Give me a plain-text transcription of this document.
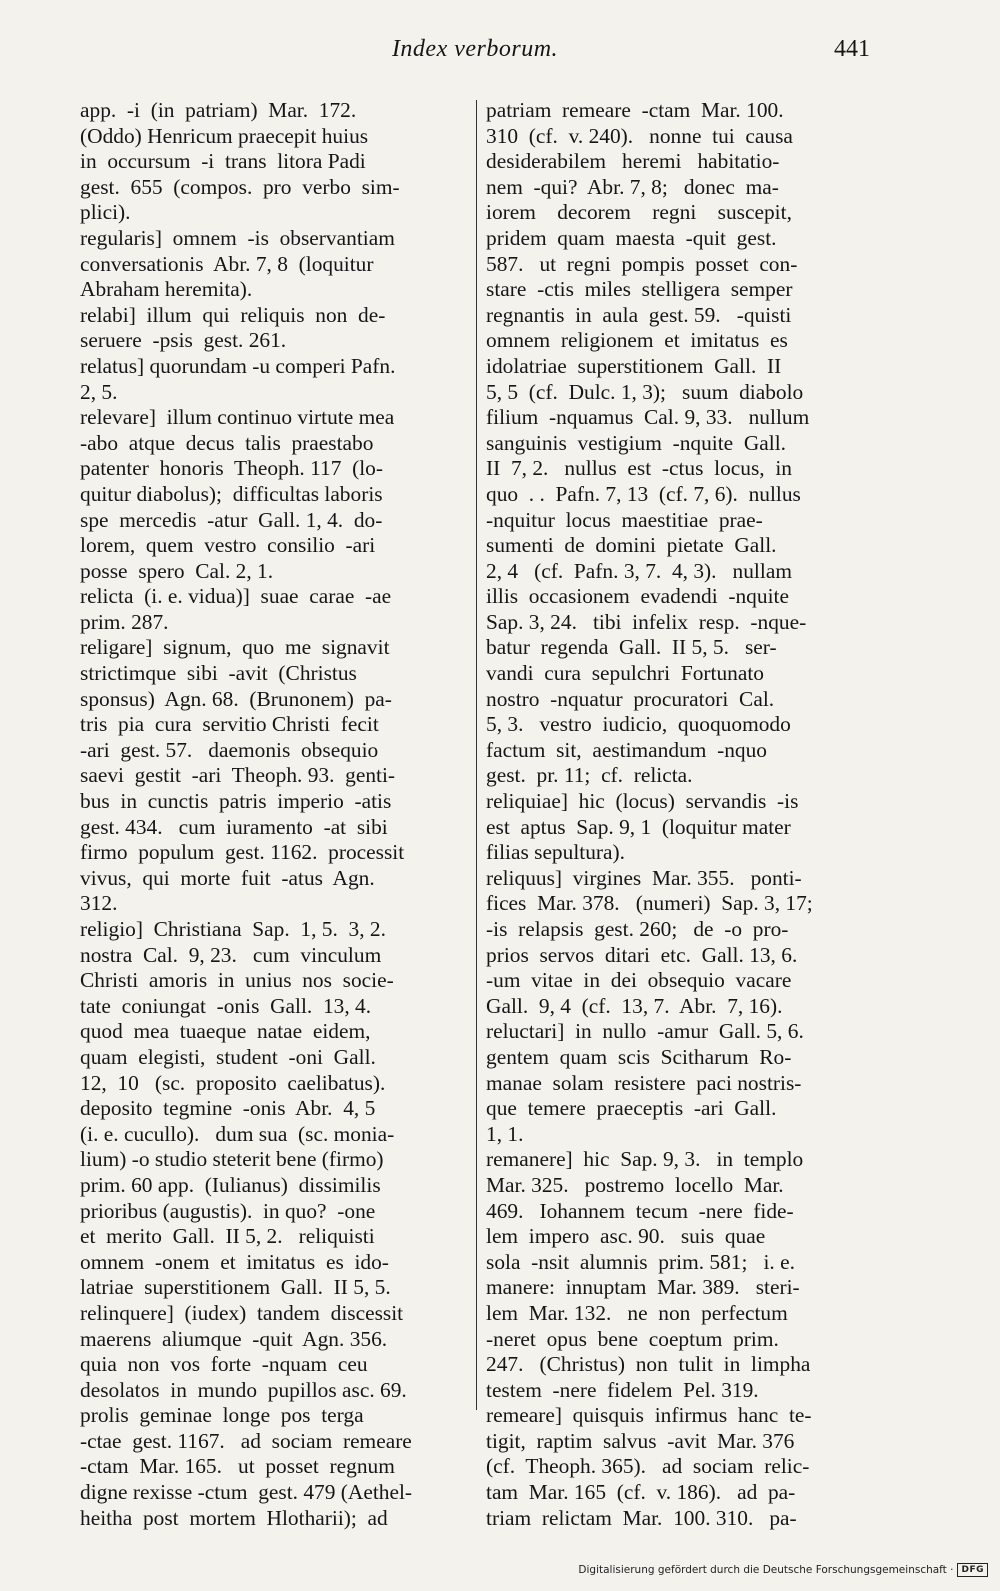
Index verborum.	441
app.  -i  (in  patriam)  Mar.  172.
(Oddo) Henricum praecepit huius
in  occursum  -i  trans  litora Padi
gest.  655  (compos.  pro  verbo  sim-
plici).
regularis]  omnem  -is  observantiam
conversationis  Abr. 7, 8  (loquitur
Abraham heremita).
relabi]  illum  qui  reliquis  non  de-
seruere  -psis  gest. 261.
relatus] quorundam -u comperi Pafn.
2, 5.
relevare]  illum continuo virtute mea
-abo  atque  decus  talis  praestabo
patenter  honoris  Theoph. 117  (lo-
quitur diabolus);  difficultas laboris
spe  mercedis  -atur  Gall. 1, 4.  do-
lorem,  quem  vestro  consilio  -ari
posse  spero  Cal. 2, 1.
relicta  (i. e. vidua)]  suae  carae  -ae
prim. 287.
religare]  signum,  quo  me  signavit
strictimque  sibi  -avit  (Christus
sponsus)  Agn. 68.  (Brunonem)  pa-
tris  pia  cura  servitio Christi  fecit
-ari  gest. 57.   daemonis  obsequio
saevi  gestit  -ari  Theoph. 93.  genti-
bus  in  cunctis  patris  imperio  -atis
gest. 434.   cum  iuramento  -at  sibi
firmo  populum  gest. 1162.  processit
vivus,  qui  morte  fuit  -atus  Agn.
312.
religio]  Christiana  Sap.  1, 5.  3, 2.
nostra  Cal.  9, 23.   cum  vinculum
Christi  amoris  in  unius  nos  socie-
tate  coniungat  -onis  Gall.  13, 4.
quod  mea  tuaeque  natae  eidem,
quam  elegisti,  student  -oni  Gall.
12,  10   (sc.  proposito  caelibatus).
deposito  tegmine  -onis  Abr.  4, 5
(i. e. cucullo).   dum sua  (sc. monia-
lium) -o studio steterit bene (firmo)
prim. 60 app.  (Iulianus)  dissimilis
prioribus (augustis).  in quo?  -one
et  merito  Gall.  II 5, 2.   reliquisti
omnem  -onem  et  imitatus  es  ido-
latriae  superstitionem  Gall.  II 5, 5.
relinquere]  (iudex)  tandem  discessit
maerens  aliumque  -quit  Agn. 356.
quia  non  vos  forte  -nquam  ceu
desolatos  in  mundo  pupillos asc. 69.
prolis  geminae  longe  pos  terga
-ctae  gest. 1167.   ad  sociam  remeare
-ctam  Mar. 165.   ut  posset  regnum
digne rexisse -ctum  gest. 479 (Aethel-
heitha  post  mortem  Hlotharii);  ad
patriam  remeare  -ctam  Mar. 100.
310  (cf.  v. 240).   nonne  tui  causa
desiderabilem   heremi   habitatio-
nem  -qui?  Abr. 7, 8;   donec  ma-
iorem    decorem    regni    suscepit,
pridem  quam  maesta  -quit  gest.
587.   ut  regni  pompis  posset  con-
stare  -ctis  miles  stelligera  semper
regnantis  in  aula  gest. 59.   -quisti
omnem  religionem  et  imitatus  es
idolatriae  superstitionem  Gall.  II
5, 5  (cf.  Dulc. 1, 3);   suum  diabolo
filium  -nquamus  Cal. 9, 33.   nullum
sanguinis  vestigium  -nquite  Gall.
II  7, 2.   nullus  est  -ctus  locus,  in
quo  . .  Pafn. 7, 13  (cf. 7, 6).  nullus
-nquitur  locus  maestitiae  prae-
sumenti  de  domini  pietate  Gall.
2, 4   (cf.  Pafn. 3, 7.  4, 3).   nullam
illis  occasionem  evadendi  -nquite
Sap. 3, 24.   tibi  infelix  resp.  -nque-
batur  regenda  Gall.  II 5, 5.   ser-
vandi  cura  sepulchri  Fortunato
nostro  -nquatur  procuratori  Cal.
5, 3.   vestro  iudicio,  quoquomodo
factum  sit,  aestimandum  -nquo
gest.  pr. 11;  cf.  relicta.
reliquiae]  hic  (locus)  servandis  -is
est  aptus  Sap. 9, 1  (loquitur mater
filias sepultura).
reliquus]  virgines  Mar. 355.   ponti-
fices  Mar. 378.   (numeri)  Sap. 3, 17;
-is  relapsis  gest. 260;   de  -o  pro-
prios  servos  ditari  etc.  Gall. 13, 6.
-um  vitae  in  dei  obsequio  vacare
Gall.  9, 4  (cf.  13, 7.  Abr.  7, 16).
reluctari]  in  nullo  -amur  Gall. 5, 6.
gentem  quam  scis  Scitharum  Ro-
manae  solam  resistere  paci nostris-
que  temere  praeceptis  -ari  Gall.
1, 1.
remanere]  hic  Sap. 9, 3.   in  templo
Mar. 325.   postremo  locello  Mar.
469.   Iohannem  tecum  -nere  fide-
lem  impero  asc. 90.   suis  quae
sola  -nsit  alumnis  prim. 581;   i. e.
manere:  innuptam  Mar. 389.   steri-
lem  Mar. 132.   ne  non  perfectum
-neret  opus  bene  coeptum  prim.
247.   (Christus)  non  tulit  in  limpha
testem  -nere  fidelem  Pel. 319.
remeare]  quisquis  infirmus  hanc  te-
tigit,  raptim  salvus  -avit  Mar. 376
(cf.  Theoph. 365).   ad  sociam  relic-
tam  Mar. 165  (cf.  v. 186).   ad  pa-
triam  relictam  Mar.  100. 310.   pa-
Digitalisierung gefördert durch die Deutsche Forschungsgemeinschaft · DFG
